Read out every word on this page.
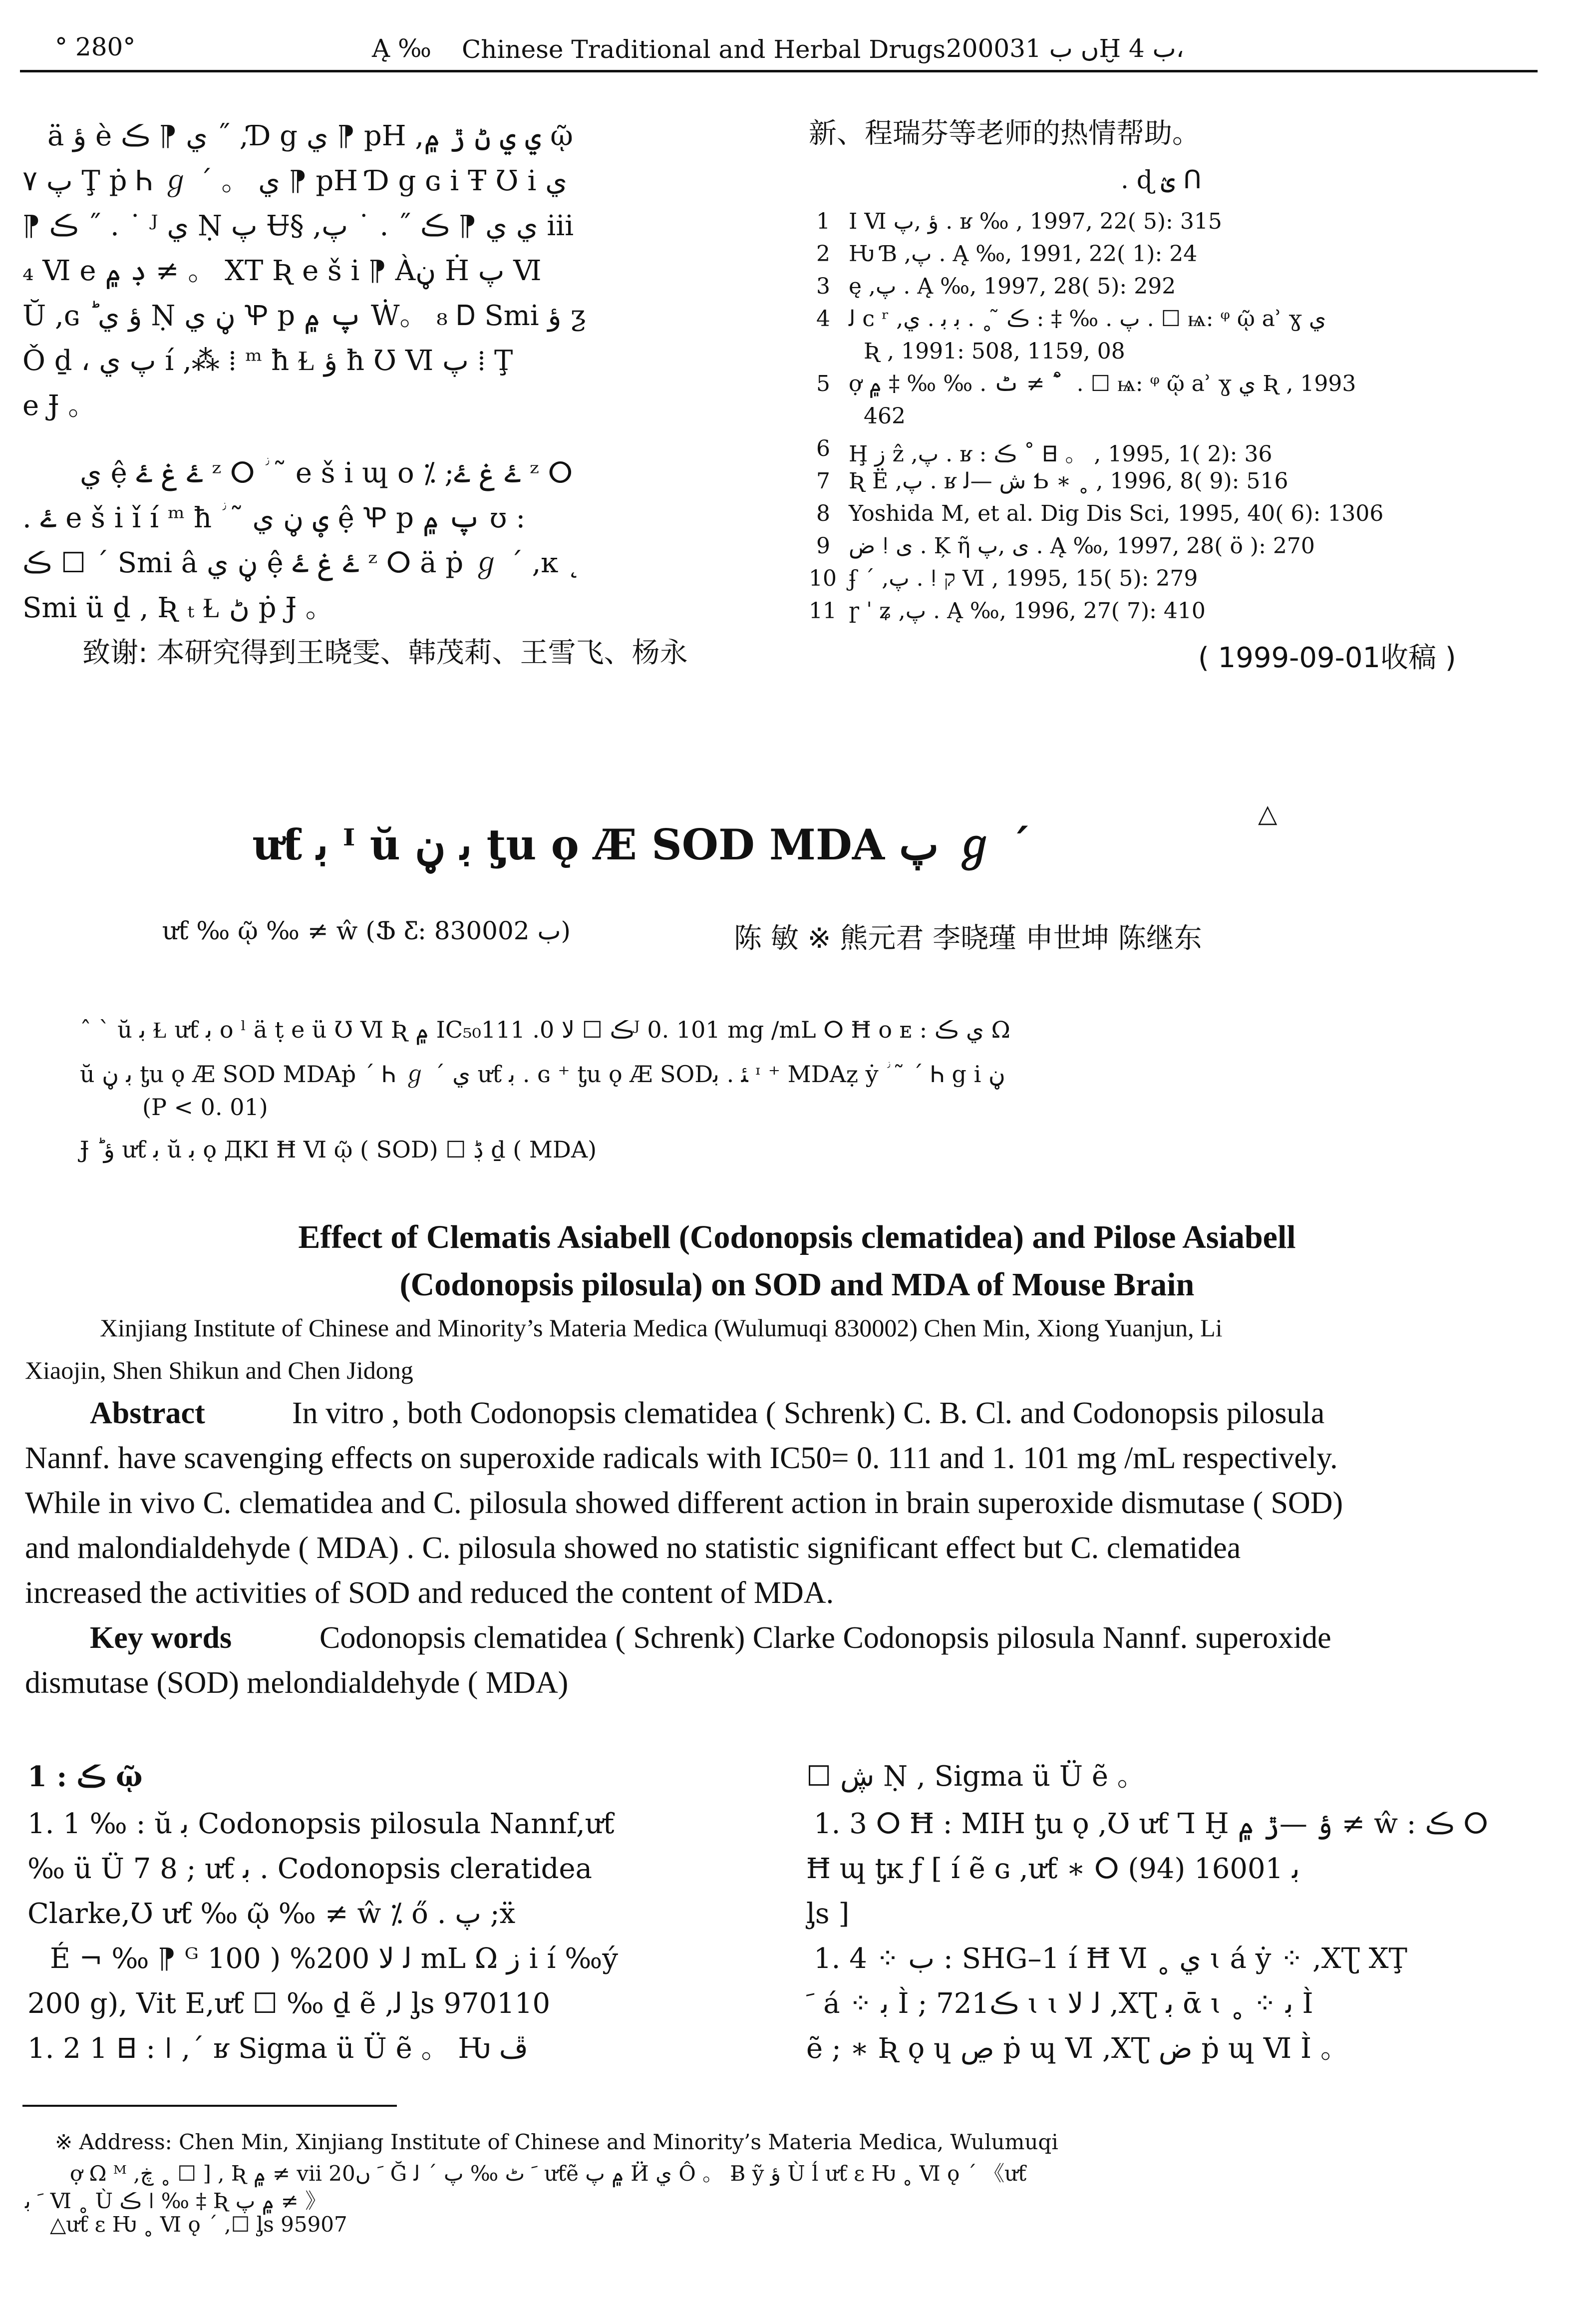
° 280°	Ą ‰ Chinese Traditional and Herbal Drugs 2000ں ب 31Ḫ ب 4،
ä ؤ è ي ⁋ ڪ ˝ ,Ɗ g ي ⁋ pH ,ي ي ڻ ڙ ۾ ῷ
پ ۷ Ţ ṗ Ꮒ ℊ ˊ 。 ي ⁋ pH Ɗ g ɢ ⅰ Ŧ Ʊ i ي
⁋ ڪ ˝ . ˙ ᴶ ي Ṇ پ Ʉ§ ,ي ي ⁋ ڪ ˝ . ˙ پ iii
₄ Ⅵ e ڊ ۾ ≠ 。 ΧΤ Ʀ e š i ⁋ Àڼ Ḣ پ Ⅵ
Ŭ ,ɢ ؕ ؤ ي Ṇ ڼ ي Ꝕ p پ ۾ Ẇ。 ₈ Ꭰ Smi ؤ ƺ
Ǒ ḏ ، پ ي í ,⁂ ⁞ ᵐ ħ Ɫ ؤ ħ Ʊ Ⅵ پ ⁞ Ţ
e Ɉ 。
ي ệ ۓ غ ۓ ᶻ ⵔ ؗ ˜ e š i ɰ o ⁒ ;ۓ غ ۓ ᶻ ⵔ
. ۓ e š i ǐ í ᵐ ħ ؗ ˜ ؠ ڼ ي ệ Ꝕ p پ ۾ ʊ :
ڪ ☐ ˊ Smi â ڼ ي ệ ۓ غ ۓ ᶻ ⵔ ä ṗ ℊ ˊ ,ĸ ˛
Smi ü ḏ , Ʀ ₜ Ɫ ڻ ṗ Ɉ 。
致谢: 本研究得到王晓雯、韩茂莉、王雪飞、杨永
新、程瑞芬等老师的热情帮助。
. ɖ ؽ ᑎ
1 Ⅰ Ⅵ ؤ ,پ . ʁ ‰ , 1997, 22( 5): 315
2 Ƕ Ɓ ,پ . Ą ‰, 1991, 22( 1): 24
3 ę ,پ . Ą ‰, 1997, 28( 5): 292
4 ﻟ ᴄ ʳ ,پ . ‰ ‡ : ڪ ̃ ˳ . ﺑ ﺑ . ي . ☐ ѩ: ᵠ ῷ ẚ ɣ ي
Ʀ , 1991: 508, 1159, 08
5 ợ ٹ . ‰ ‰ ‡ ۾ ≠ ˚ ̃ . ☐ ѩ: ᵠ ῷ ẚ ɣ ي Ʀ , 1993
462
6 Ḩ ز ẑ ,پ . ʁ : ڪ ˚ 𐊧 。 , 1995, 1( 2): 36
7 Ʀ Ë ,پ . ʁ ش —ﻟ Ƅ ∗ ˳ , 1996, 8( 9): 516
8 Yoshida M, et al. Dig Dis Sci, 1995, 40( 6): 1306
9 ض ǃ ى . Ķ ῆ ى ,پ . Ą ‰, 1997, 28( ö ): 270
10 ʄ ˊ ,پ . ǃ ק Ⅵ , 1995, 15( 5): 279
11 ɼ ˈ ʑ ,پ . Ą ‰, 1996, 27( 7): 410
( 1999-09-01收稿 )
ưƭ ﺑ ᴵ ŭ ﺑ ڼ ƫu ǫ Æ SOD MDA پ ℊ ˊ
△
ưƭ ‰ ῷ ‰ ≠ ŵ (Ֆ Ƹ: ب 830002)	陈 敏 ※ 熊元君 李晓瑾 申世坤 陈继东
ˆ ˋ ŭ ﺑ Ɫ ưƭ ﺑ ᴏ ˡ ä ṭ e ü Ʊ Ⅵ Ʀ ۾ IC₅₀ڪ ☐ ﻻ 0. 111ᴶ 0. 101 mg /mL ⵔ Ħ ᴏ ᴇ : ي ڪ Ω
ŭ ﺑ ڼ ƫu ǫ Æ SOD MDAṗ ˊ Ꮒ ℊ ˊ ي ưƭ ﺑ . ɢ ⁺ ƫu ǫ Æ SODﺌ . ﺑ ᶦ ⁺ MDAẓ ẏ ؗ ˜ ˊ Ꮒ g i ڼ
(P < 0. 01)
Ɉ ؕ ؤ ưƭ ﺑ ŭ ﺑ ǫ ДKI Ħ Ⅵ ῷ ( SOD) ☐ ڋ ḏ ( MDA)
Effect of Clematis Asiabell (Codonopsis clematidea) and Pilose Asiabell
(Codonopsis pilosula) on SOD and MDA of Mouse Brain
Xinjiang Institute of Chinese and Minority’s Materia Medica (Wulumuqi 830002) Chen Min, Xiong Yuanjun, Li
Xiaojin, Shen Shikun and Chen Jidong
Abstract	In vitro , both Codonopsis clematidea ( Schrenk) C. B. Cl. and Codonopsis pilosula
Nannf. have scavenging effects on superoxide radicals with IC50= 0. 111 and 1. 101 mg /mL respectively.
While in vivo C. clematidea and C. pilosula showed different action in brain superoxide dismutase ( SOD)
and malondialdehyde ( MDA) . C. pilosula showed no statistic significant effect but C. clematidea
increased the activities of SOD and reduced the content of MDA.
Key words	Codonopsis clematidea ( Schrenk) Clarke Codonopsis pilosula Nannf. superoxide
dismutase (SOD) melondialdehyde ( MDA)
1 : ڪ ῷ
1. 1 ‰ : ŭ ﺑ Codonopsis pilosula Nannf,ưƭ
‰ ü Ü 7 8 ; ưƭ ﺑ . Codonopsis cleratidea
Clarke,Ʊ ưƭ ‰ ῷ ‰ ≠ ŵ ⁒ ő . پ ;ẍ
É ¬ ‰ ⁋ ᴳ ﻟ ﻻ 200% ( 100 mL Ω ز i í ‰ý
200 g), Vit E,ưƭ ☐ ‰ ḏ ẽ ,ﻟ ᶅs 970110
1. 2 1 𐊧 : ǀ ,ˊ ʁ Sigma ü Ü ẽ 。 Ƕ ڦ
☐ ڜ Ṇ , Sigma ü Ü ẽ 。
1. 3 ⵔ Ħ : MIH ƫu ǫ ,Ʊ ưƭ Ꞁ Ḫ ؤ —ڙ ۾ ≠ ŵ : ڪ ⵔ
Ħ ɰ ƫĸ ƒ [ í ẽ ɢ ,ưƭ ∗ ⵔ (94) ﺑ 16001
ᶅs ]
1. 4 ⁘ ب : SHG–1 í Ħ Ⅵ ˳ ي ɩ á ẏ ⁘ ,ΧƮ ΧŢ
ﹶ á ⁘ ﺑ Ì ; 721ڪ ɩ ɩ ﻟ ﻻ ,ΧƮ ﺑ ᾱ ɩ ˳ ⁘ ﺑ Ì
ẽ ; ∗ Ʀ ǫ ɥ ڝ ṗ ɰ Ⅵ ,ΧƮ ض ṗ ɰ Ⅵ Ì 。
※ Address: Chen Min, Xinjiang Institute of Chinese and Minority’s Materia Medica, Wulumuqi
ợ Ω ᴹ ,ڿ ˳ ☐ ] , Ʀ ۾ ≠ vii 20ﹶ ں Ğ ﹶ ٹ ‰ پ ˊ ﻟ ưƭẽ ۾ پ Ӥ ي Ô 。 Ƀ ỹ ؤ Ù ĺ ưƭ ɛ Ƕ ˳ Ⅵ ǫ ˊ 《ưƭ
ﹶ ﺑ Ⅵ ˳ Ù ڪ ǀ ‰ ‡ Ʀ ۾ پ ≠ 》
△ưƭ ɛ Ƕ ˳ Ⅵ ǫ ˊ ,☐ ᶅs 95907
